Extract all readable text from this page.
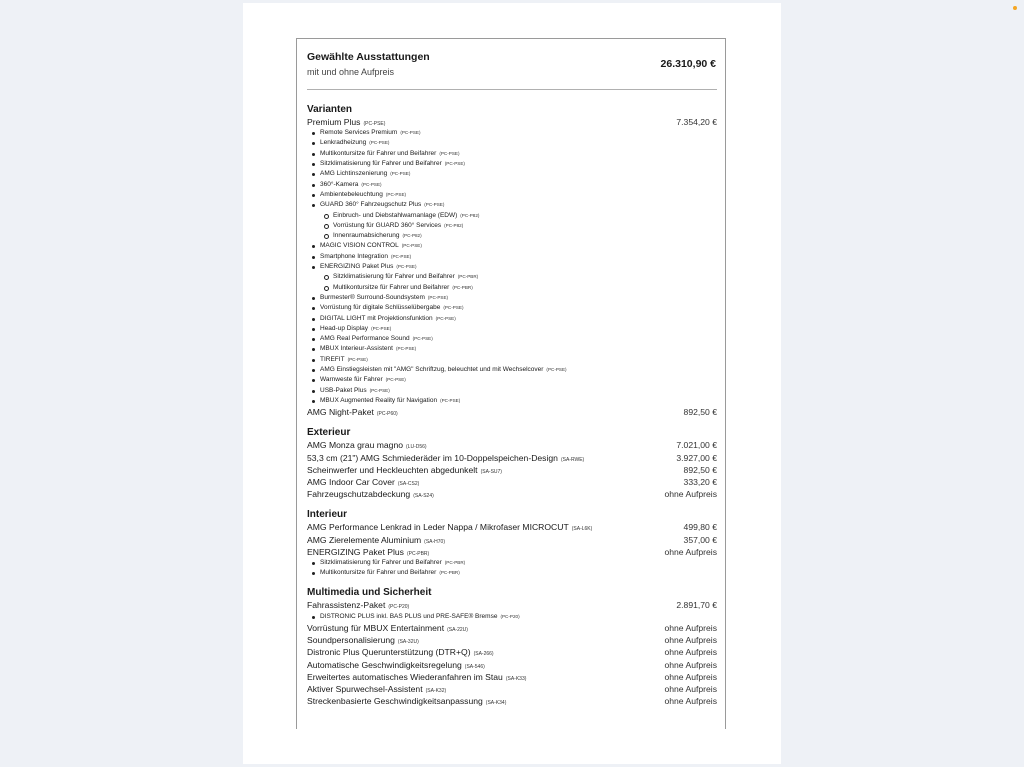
Gewählte Ausstattungen
mit und ohne Aufpreis
26.310,90 €
Varianten
Premium Plus (PC-PSE)	7.354,20 €
Remote Services Premium (PC-PSE)
Lenkradheizung (PC-PSE)
Multikontursitze für Fahrer und Beifahrer (PC-PSE)
Sitzklimatisierung für Fahrer und Beifahrer (PC-PSE)
AMG Lichtinszenierung (PC-PSE)
360°-Kamera (PC-PSE)
Ambientebeleuchtung (PC-PSE)
GUARD 360° Fahrzeugschutz Plus (PC-PSE)
Einbruch- und Diebstahlwarnanlage (EDW) (PC-P82)
Vorrüstung für GUARD 360° Services (PC-P82)
Innenraumabsicherung (PC-P82)
MAGIC VISION CONTROL (PC-PSE)
Smartphone Integration (PC-PSE)
ENERGIZING Paket Plus (PC-PSE)
Sitzklimatisierung für Fahrer und Beifahrer (PC-PBR)
Multikontursitze für Fahrer und Beifahrer (PC-PBR)
Burmester® Surround-Soundsystem (PC-PSE)
Vorrüstung für digitale Schlüsselübergabe (PC-PSE)
DIGITAL LIGHT mit Projektionsfunktion (PC-PSE)
Head-up Display (PC-PSE)
AMG Real Performance Sound (PC-PSE)
MBUX Interieur-Assistent (PC-PSE)
TIREFIT (PC-PSE)
AMG Einstiegsleisten mit "AMG" Schriftzug, beleuchtet und mit Wechselcover (PC-PSE)
Warnweste für Fahrer (PC-PSE)
USB-Paket Plus (PC-PSE)
MBUX Augmented Reality für Navigation (PC-PSE)
AMG Night-Paket (PC-P60)	892,50 €
Exterieur
AMG Monza grau magno (LU-D56)	7.021,00 €
53,3 cm (21") AMG Schmiederäder im 10-Doppelspeichen-Design (SA-RWE)	3.927,00 €
Scheinwerfer und Heckleuchten abgedunkelt (SA-SU7)	892,50 €
AMG Indoor Car Cover (SA-CS2)	333,20 €
Fahrzeugschutzabdeckung (SA-S24)	ohne Aufpreis
Interieur
AMG Performance Lenkrad in Leder Nappa / Mikrofaser MICROCUT (SA-L6K)	499,80 €
AMG Zierelemente Aluminium (SA-H70)	357,00 €
ENERGIZING Paket Plus (PC-PBR)	ohne Aufpreis
Sitzklimatisierung für Fahrer und Beifahrer (PC-PBR)
Multikontursitze für Fahrer und Beifahrer (PC-PBR)
Multimedia und Sicherheit
Fahrassistenz-Paket (PC-P20)	2.891,70 €
DISTRONIC PLUS inkl. BAS PLUS und PRE-SAFE® Bremse (PC-P20)
Vorrüstung für MBUX Entertainment (SA-22U)	ohne Aufpreis
Soundpersonalisierung (SA-32U)	ohne Aufpreis
Distronic Plus Querunterstützung (DTR+Q) (SA-266)	ohne Aufpreis
Automatische Geschwindigkeitsregelung (SA-546)	ohne Aufpreis
Erweitertes automatisches Wiederanfahren im Stau (SA-K33)	ohne Aufpreis
Aktiver Spurwechsel-Assistent (SA-K32)	ohne Aufpreis
Streckenbasierte Geschwindigkeitsanpassung (SA-K34)	ohne Aufpreis
